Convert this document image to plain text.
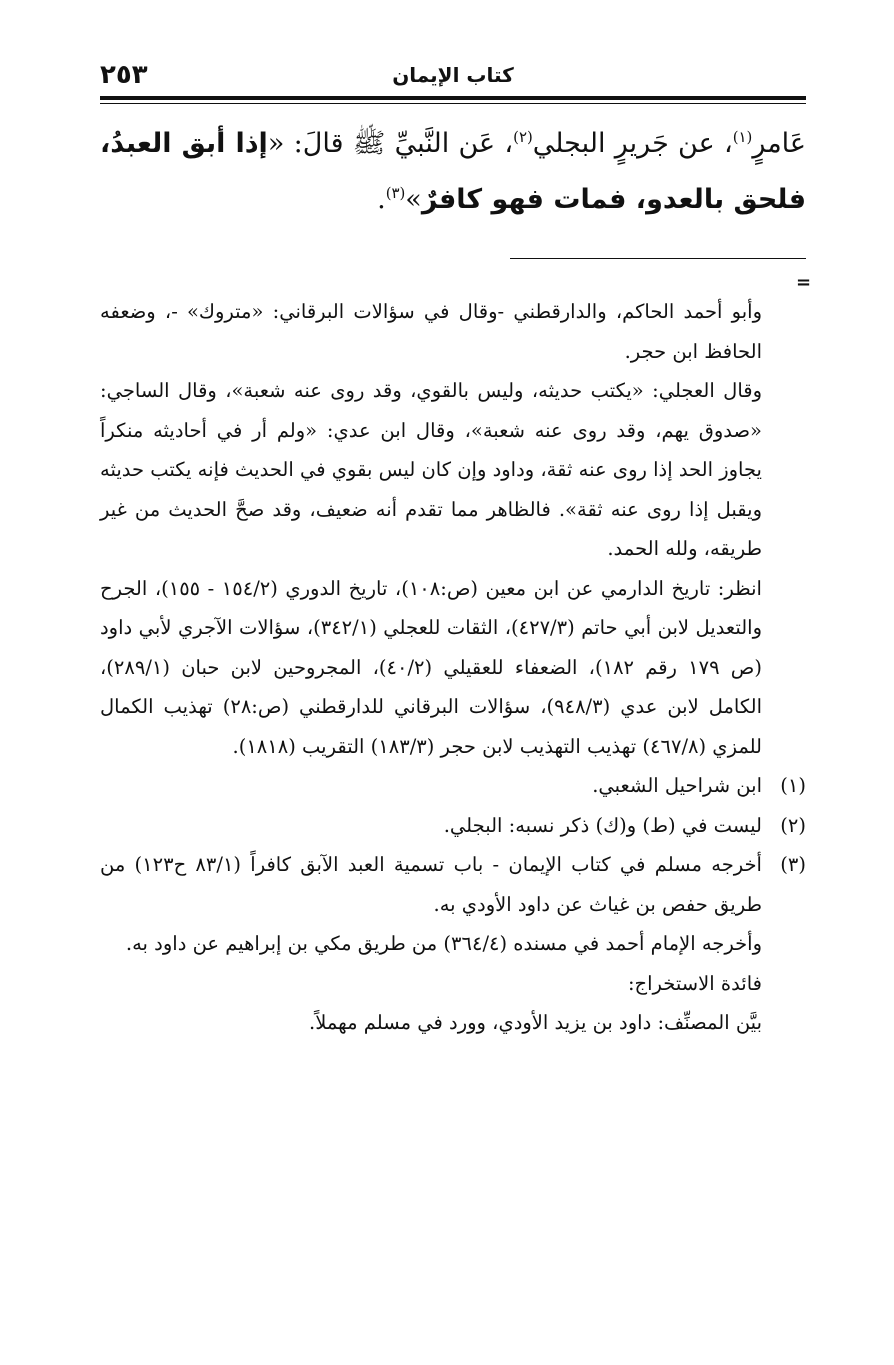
٢٥٣	كتاب الإيمان
عَامرٍ$^{(١)}$، عن جَريرٍ البجلي$^{(٢)}$، عَن النَّبيِّ ﷺ قالَ: «إذا أبق العبدُ، فلحق بالعدو، فمات فهو كافرٌ»$^{(٣)}$.
=

وأبو أحمد الحاكم، والدارقطني -وقال في سؤالات البرقاني: «متروك» -، وضعفه الحافظ ابن حجر.

وقال العجلي: «يكتب حديثه، وليس بالقوي، وقد روى عنه شعبة»، وقال الساجي: «صدوق يهم، وقد روى عنه شعبة»، وقال ابن عدي: «ولم أر في أحاديثه منكراً يجاوز الحد إذا روى عنه ثقة، وداود وإن كان ليس بقوي في الحديث فإنه يكتب حديثه ويقبل إذا روى عنه ثقة». فالظاهر مما تقدم أنه ضعيف، وقد صحَّ الحديث من غير طريقه، ولله الحمد.

انظر: تاريخ الدارمي عن ابن معين (ص:١٠٨)، تاريخ الدوري (١٥٤/٢ - ١٥٥)، الجرح والتعديل لابن أبي حاتم (٤٢٧/٣)، الثقات للعجلي (٣٤٢/١)، سؤالات الآجري لأبي داود (ص ١٧٩ رقم ١٨٢)، الضعفاء للعقيلي (٤٠/٢)، المجروحين لابن حبان (٢٨٩/١)، الكامل لابن عدي (٩٤٨/٣)، سؤالات البرقاني للدارقطني (ص:٢٨) تهذيب الكمال للمزي (٤٦٧/٨) تهذيب التهذيب لابن حجر (١٨٣/٣) التقريب (١٨١٨).

(١)
ابن شراحيل الشعبي.
(٢)
ليست في (ط) و(ك) ذكر نسبه: البجلي.
(٣)
أخرجه مسلم في كتاب الإيمان - باب تسمية العبد الآبق كافراً (٨٣/١ ح١٢٣) من طريق حفص بن غياث عن داود الأودي به.

وأخرجه الإمام أحمد في مسنده (٣٦٤/٤) من طريق مكي بن إبراهيم عن داود به.

فائدة الاستخراج:

بيَّن المصنِّف: داود بن يزيد الأودي، وورد في مسلم مهملاً.
